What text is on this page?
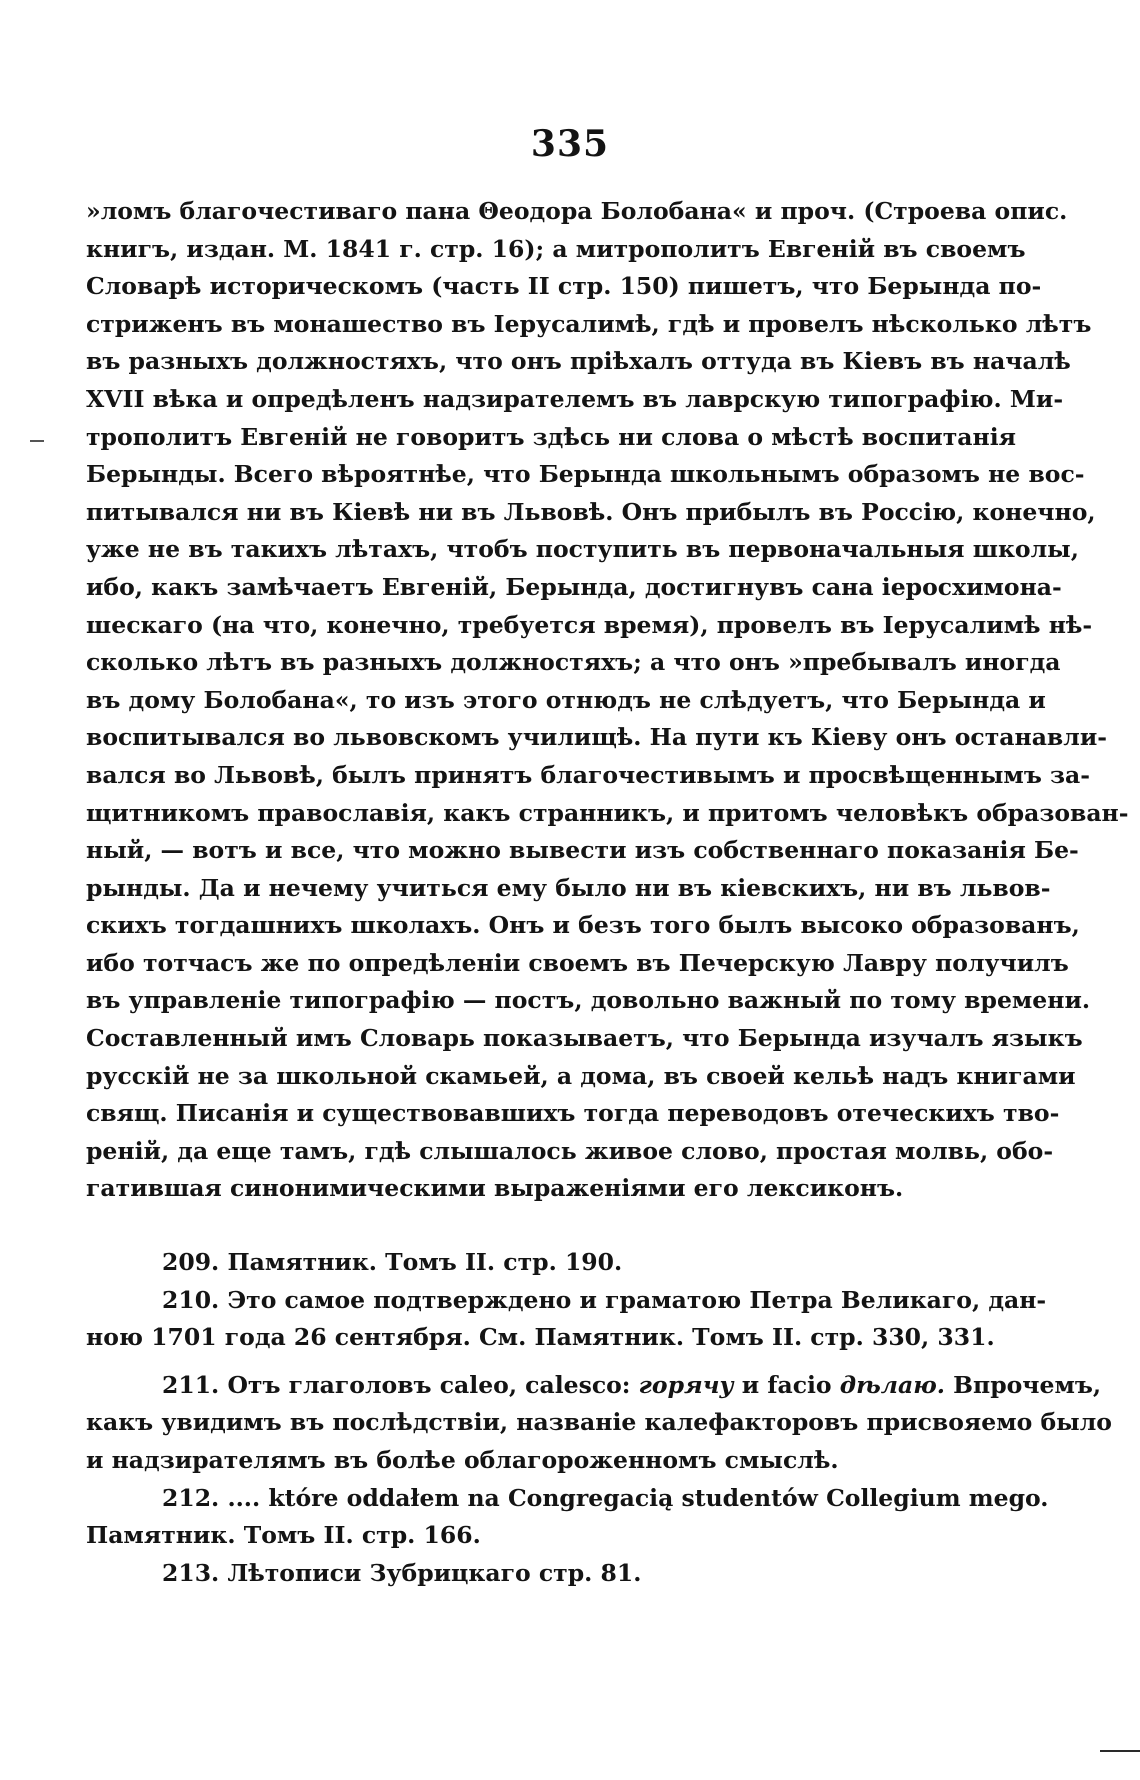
335
»ломъ благочестиваго пана Θеодора Болобана« и проч. (Строева опис.
книгъ, издан. М. 1841 г. стр. 16); а митрополитъ Евгеній въ своемъ
Словарѣ историческомъ (часть II стр. 150) пишетъ, что Берында по-
стриженъ въ монашество въ Іерусалимѣ, гдѣ и провелъ нѣсколько лѣтъ
въ разныхъ должностяхъ, что онъ пріѣхалъ оттуда въ Кіевъ въ началѣ
XVII вѣка и опредѣленъ надзирателемъ въ лаврскую типографію. Ми-
трополитъ Евгеній не говоритъ здѣсь ни слова о мѣстѣ воспитанія
Берынды. Всего вѣроятнѣе, что Берында школьнымъ образомъ не вос-
питывался ни въ Кіевѣ ни въ Львовѣ. Онъ прибылъ въ Россію, конечно,
уже не въ такихъ лѣтахъ, чтобъ поступить въ первоначальныя школы,
ибо, какъ замѣчаетъ Евгеній, Берында, достигнувъ сана іеросхимона-
шескаго (на что, конечно, требуется время), провелъ въ Іерусалимѣ нѣ-
сколько лѣтъ въ разныхъ должностяхъ; а что онъ »пребывалъ иногда
въ дому Болобана«, то изъ этого отнюдъ не слѣдуетъ, что Берында и
воспитывался во львовскомъ училищѣ. На пути къ Кіеву онъ останавли-
вался во Львовѣ, былъ принятъ благочестивымъ и просвѣщеннымъ за-
щитникомъ православія, какъ странникъ, и притомъ человѣкъ образован-
ный, — вотъ и все, что можно вывести изъ собственнаго показанія Бе-
рынды. Да и нечему учиться ему было ни въ кіевскихъ, ни въ львов-
скихъ тогдашнихъ школахъ. Онъ и безъ того былъ высоко образованъ,
ибо тотчасъ же по опредѣленіи своемъ въ Печерскую Лавру получилъ
въ управленіе типографію — постъ, довольно важный по тому времени.
Составленный имъ Словарь показываетъ, что Берында изучалъ языкъ
русскій не за школьной скамьей, а дома, въ своей кельѣ надъ книгами
свящ. Писанія и существовавшихъ тогда переводовъ отеческихъ тво-
реній, да еще тамъ, гдѣ слышалось живое слово, простая молвь, обо-
гатившая синонимическими выраженіями его лексиконъ.
209. Памятник. Томъ II. стр. 190.
210. Это самое подтверждено и граматою Петра Великаго, дан-
ною 1701 года 26 сентября. См. Памятник. Томъ II. стр. 330, 331.
211. Отъ глаголовъ caleo, calesco: горячу и facio дѣлаю. Впрочемъ,
какъ увидимъ въ послѣдствіи, названіе калефакторовъ присвояемо было
и надзирателямъ въ болѣе облагороженномъ смыслѣ.
212. .... które oddałem na Congregacią studentów Collegium mego.
Памятник. Томъ II. стр. 166.
213. Лѣтописи Зубрицкаго стр. 81.
